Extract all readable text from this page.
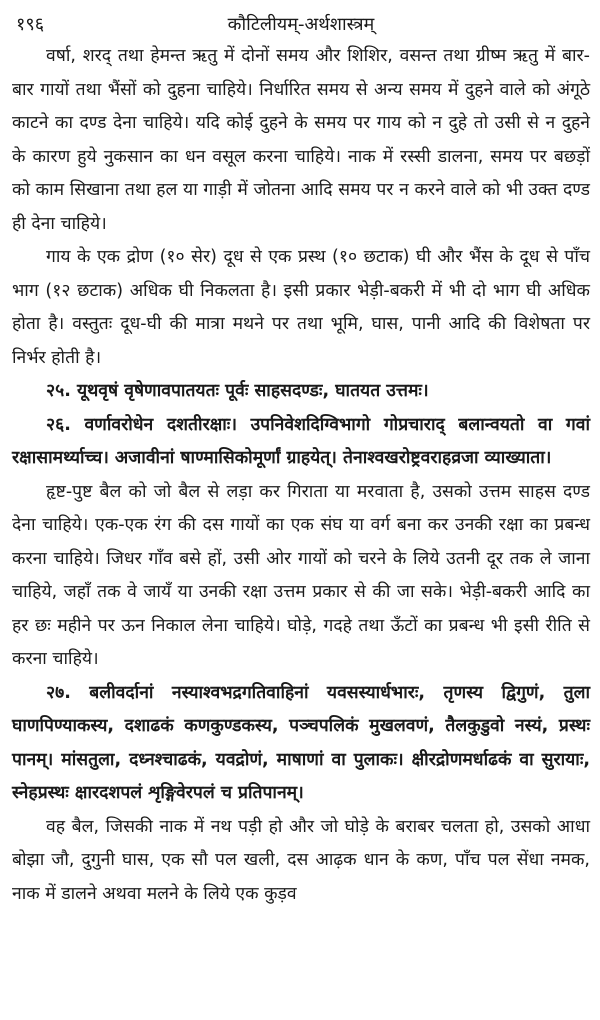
१९६	कौटिलीयम्-अर्थशास्त्रम्

वर्षा, शरद् तथा हेमन्त ऋतु में दोनों समय और शिशिर, वसन्त तथा ग्रीष्म ऋतु में बार-बार गायों तथा भैंसों को दुहना चाहिये। निर्धारित समय से अन्य समय में दुहने वाले को अंगूठे काटने का दण्ड देना चाहिये। यदि कोई दुहने के समय पर गाय को न दुहे तो उसी से न दुहने के कारण हुये नुकसान का धन वसूल करना चाहिये। नाक में रस्सी डालना, समय पर बछड़ों को काम सिखाना तथा हल या गाड़ी में जोतना आदि समय पर न करने वाले को भी उक्त दण्ड ही देना चाहिये।

गाय के एक द्रोण (१० सेर) दूध से एक प्रस्थ (१० छटाक) घी और भैंस के दूध से पाँच भाग (१२ छटाक) अधिक घी निकलता है। इसी प्रकार भेड़ी-बकरी में भी दो भाग घी अधिक होता है। वस्तुतः दूध-घी की मात्रा मथने पर तथा भूमि, घास, पानी आदि की विशेषता पर निर्भर होती है।

२५. यूथवृषं वृषेणावपातयतः पूर्वः साहसदण्डः, घातयत उत्तमः।

२६. वर्णावरोधेन दशतीरक्षाः। उपनिवेशदिग्विभागो गोप्रचाराद् बलान्वयतो वा गवां रक्षासामर्थ्याच्च। अजावीनां षाण्मासिकोमूर्णां ग्राहयेत्। तेनाश्वखरोष्ट्रवराहव्रजा व्याख्याता।

हृष्ट-पुष्ट बैल को जो बैल से लड़ा कर गिराता या मरवाता है, उसको उत्तम साहस दण्ड देना चाहिये। एक-एक रंग की दस गायों का एक संघ या वर्ग बना कर उनकी रक्षा का प्रबन्ध करना चाहिये। जिधर गाँव बसे हों, उसी ओर गायों को चरने के लिये उतनी दूर तक ले जाना चाहिये, जहाँ तक वे जायँ या उनकी रक्षा उत्तम प्रकार से की जा सके। भेड़ी-बकरी आदि का हर छः महीने पर ऊन निकाल लेना चाहिये। घोड़े, गदहे तथा ऊँटों का प्रबन्ध भी इसी रीति से करना चाहिये।

२७. बलीवर्दानां नस्याश्वभद्रगतिवाहिनां यवसस्यार्धभारः, तृणस्य द्विगुणं, तुला घाणपिण्याकस्य, दशाढकं कणकुण्डकस्य, पञ्चपलिकं मुखलवणं, तैलकुडुवो नस्यं, प्रस्थः पानम्। मांसतुला, दध्नश्चाढकं, यवद्रोणं, माषाणां वा पुलाकः। क्षीरद्रोणमर्धाढकं वा सुरायाः, स्नेहप्रस्थः क्षारदशपलं शृङ्गिवेरपलं च प्रतिपानम्।

वह बैल, जिसकी नाक में नथ पड़ी हो और जो घोड़े के बराबर चलता हो, उसको आधा बोझा जौ, दुगुनी घास, एक सौ पल खली, दस आढ़क धान के कण, पाँच पल सेंधा नमक, नाक में डालने अथवा मलने के लिये एक कुड़व
